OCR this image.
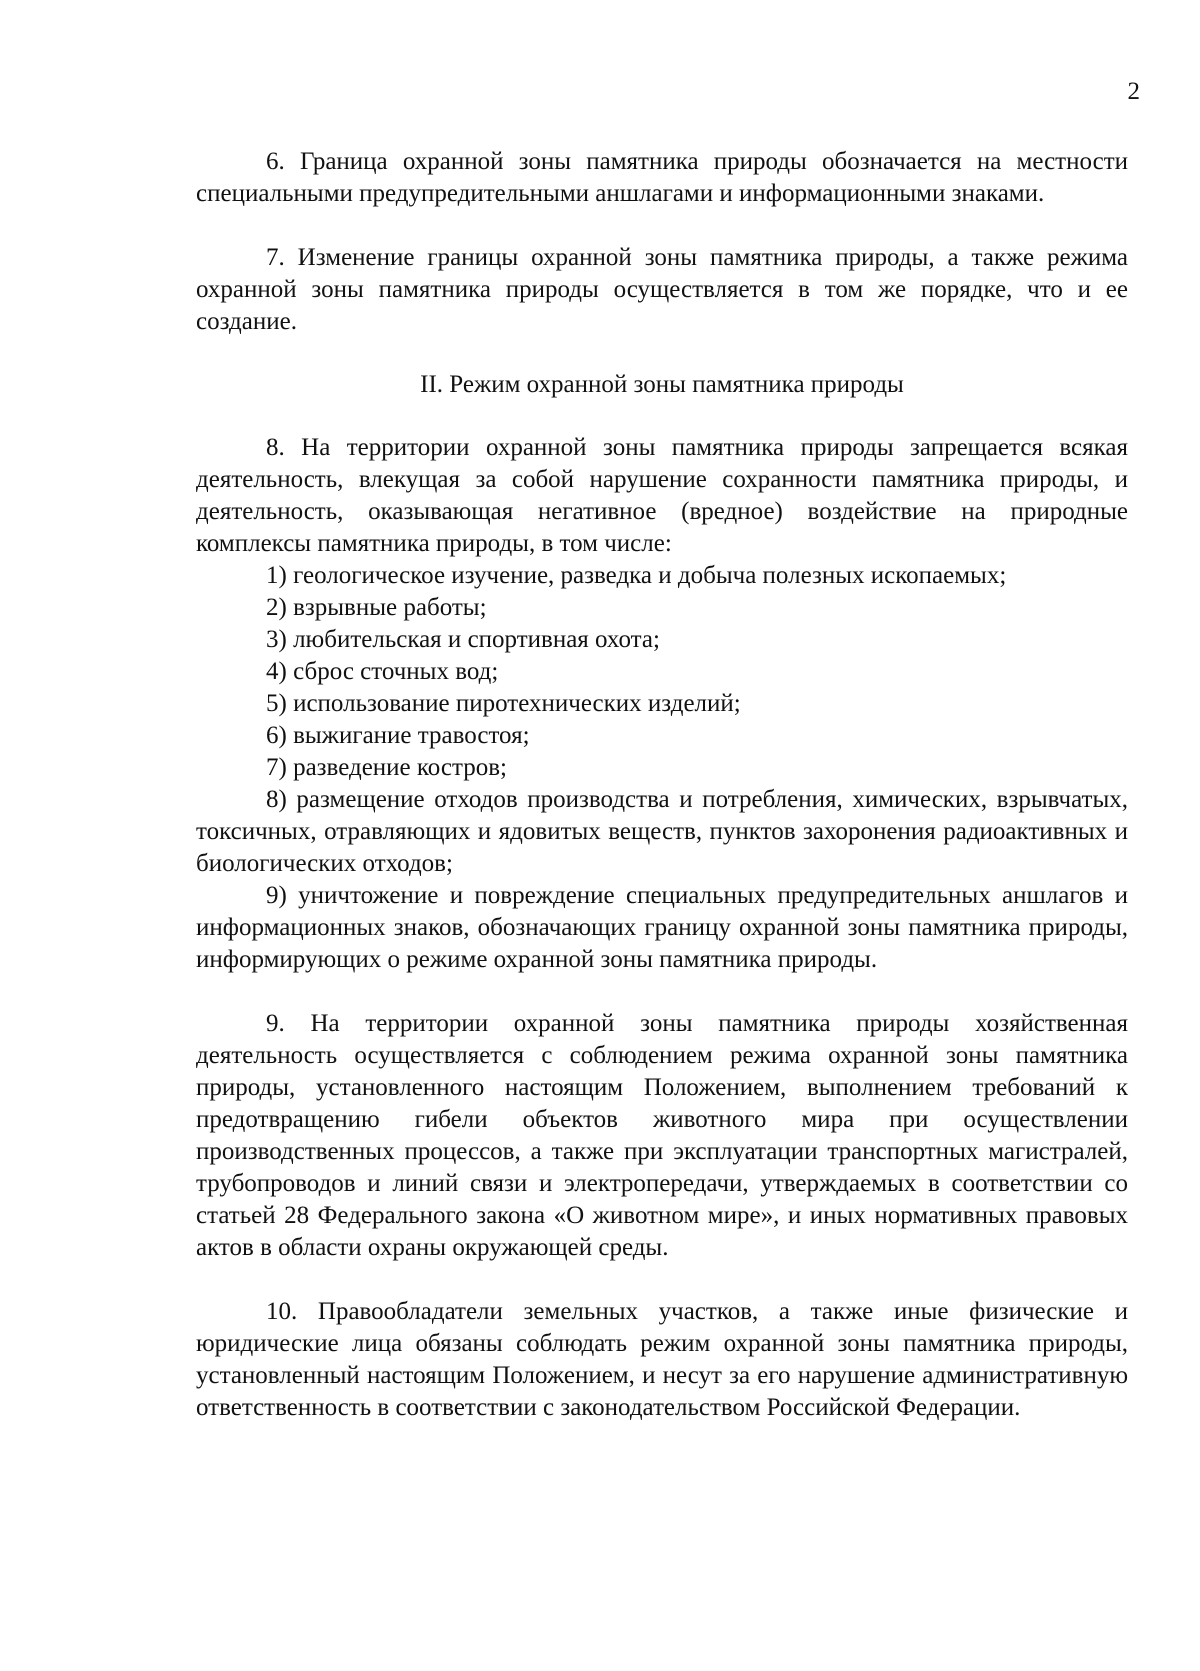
2

6. Граница охранной зоны памятника природы обозначается на местности специальными предупредительными аншлагами и информационными знаками.

7. Изменение границы охранной зоны памятника природы, а также режима охранной зоны памятника природы осуществляется в том же порядке, что и ее создание.

II. Режим охранной зоны памятника природы

8. На территории охранной зоны памятника природы запрещается всякая деятельность, влекущая за собой нарушение сохранности памятника природы, и деятельность, оказывающая негативное (вредное) воздействие на природные комплексы памятника природы, в том числе:

1) геологическое изучение, разведка и добыча полезных ископаемых;

2) взрывные работы;

3) любительская и спортивная охота;

4) сброс сточных вод;

5) использование пиротехнических изделий;

6) выжигание травостоя;

7) разведение костров;

8) размещение отходов производства и потребления, химических, взрывчатых, токсичных, отравляющих и ядовитых веществ, пунктов захоронения радиоактивных и биологических отходов;

9) уничтожение и повреждение специальных предупредительных аншлагов и информационных знаков, обозначающих границу охранной зоны памятника природы, информирующих о режиме охранной зоны памятника природы.

9. На территории охранной зоны памятника природы хозяйственная деятельность осуществляется с соблюдением режима охранной зоны памятника природы, установленного настоящим Положением, выполнением требований к предотвращению гибели объектов животного мира при осуществлении производственных процессов, а также при эксплуатации транспортных магистралей, трубопроводов и линий связи и электропередачи, утверждаемых в соответствии со статьей 28 Федерального закона «О животном мире», и иных нормативных правовых актов в области охраны окружающей среды.

10. Правообладатели земельных участков, а также иные физические и юридические лица обязаны соблюдать режим охранной зоны памятника природы, установленный настоящим Положением, и несут за его нарушение административную ответственность в соответствии с законодательством Российской Федерации.
